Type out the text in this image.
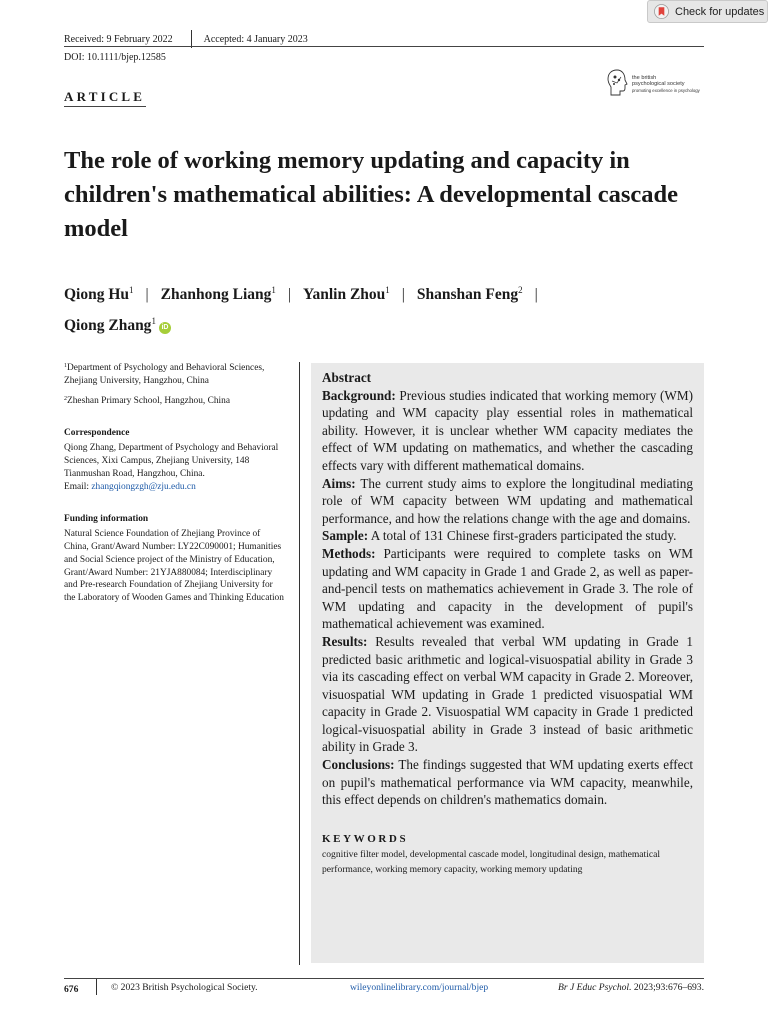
Check for updates
Received: 9 February 2022	Accepted: 4 January 2023
DOI: 10.1111/bjep.12585
ARTICLE
the british
psychological society
promoting excellence in psychology
The role of working memory updating and capacity in children's mathematical abilities: A developmental cascade model
Qiong Hu$^1$ | Zhanhong Liang$^1$ | Yanlin Zhou$^1$ | Shanshan Feng$^2$ |
Qiong Zhang$^1$iD
$^1$Department of Psychology and Behavioral Sciences, Zhejiang University, Hangzhou, China
$^2$Zheshan Primary School, Hangzhou, China
Correspondence
Qiong Zhang, Department of Psychology and Behavioral Sciences, Xixi Campus, Zhejiang University, 148 Tianmushan Road, Hangzhou, China.
Email: zhangqiongzgh@zju.edu.cn
Funding information
Natural Science Foundation of Zhejiang Province of China, Grant/Award Number: LY22C090001; Humanities and Social Science project of the Ministry of Education, Grant/Award Number: 21YJA880084; Interdisciplinary and Pre-research Foundation of Zhejiang University for the Laboratory of Wooden Games and Thinking Education
Abstract

Background: Previous studies indicated that working memory (WM) updating and WM capacity play essential roles in mathematical ability. However, it is unclear whether WM capacity mediates the effect of WM updating on mathematics, and whether the cascading effects vary with different mathematical domains.

Aims: The current study aims to explore the longitudinal mediating role of WM capacity between WM updating and mathematical performance, and how the relations change with the age and domains.

Sample: A total of 131 Chinese first-graders participated the study.

Methods: Participants were required to complete tasks on WM updating and WM capacity in Grade 1 and Grade 2, as well as paper-and-pencil tests on mathematics achievement in Grade 3. The role of WM updating and capacity in the development of pupil's mathematical achievement was examined.

Results: Results revealed that verbal WM updating in Grade 1 predicted basic arithmetic and logical-visuospatial ability in Grade 3 via its cascading effect on verbal WM capacity in Grade 2. Moreover, visuospatial WM updating in Grade 1 predicted visuospatial WM capacity in Grade 2. Visuospatial WM capacity in Grade 1 predicted logical-visuospatial ability in Grade 3 instead of basic arithmetic ability in Grade 3.

Conclusions: The findings suggested that WM updating exerts effect on pupil's mathematical performance via WM capacity, meanwhile, this effect depends on children's mathematics domain.

KEYWORDS
cognitive filter model, developmental cascade model, longitudinal design, mathematical performance, working memory capacity, working memory updating
676	© 2023 British Psychological Society.	wileyonlinelibrary.com/journal/bjep	Br J Educ Psychol. 2023;93:676–693.
